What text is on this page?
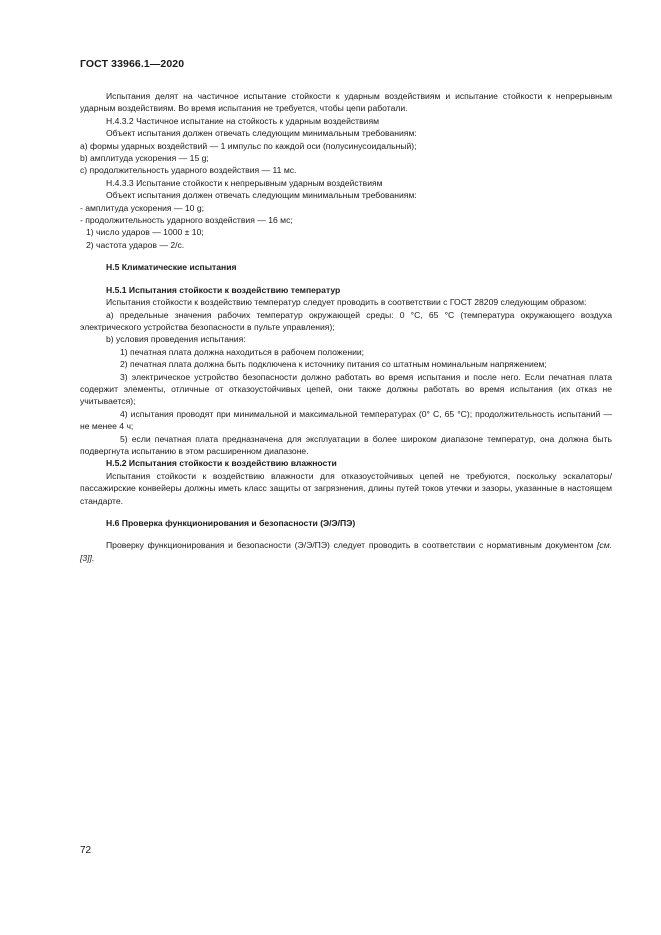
ГОСТ 33966.1—2020

Испытания делят на частичное испытание стойкости к ударным воздействиям и испытание стойкости к непрерывным ударным воздействиям. Во время испытания не требуется, чтобы цепи работали.

Н.4.3.2 Частичное испытание на стойкость к ударным воздействиям

Объект испытания должен отвечать следующим минимальным требованиям:

а) формы ударных воздействий — 1 импульс по каждой оси (полусинусоидальный);

b) амплитуда ускорения — 15 g;

с) продолжительность ударного воздействия — 11 мс.

Н.4.3.3 Испытание стойкости к непрерывным ударным воздействиям

Объект испытания должен отвечать следующим минимальным требованиям:

- амплитуда ускорения — 10 g;

- продолжительность ударного воздействия — 16 мс;

1) число ударов — 1000 ± 10;

2) частота ударов — 2/с.

Н.5 Климатические испытания

Н.5.1 Испытания стойкости к воздействию температур

Испытания стойкости к воздействию температур следует проводить в соответствии с ГОСТ 28209 следующим образом:

а) предельные значения рабочих температур окружающей среды: 0 °С, 65 °С (температура окружающего воздуха электрического устройства безопасности в пульте управления);

b) условия проведения испытания:

1) печатная плата должна находиться в рабочем положении;

2) печатная плата должна быть подключена к источнику питания со штатным номинальным напряжением;

3) электрическое устройство безопасности должно работать во время испытания и после него. Если печатная плата содержит элементы, отличные от отказоустойчивых цепей, они также должны работать во время испытания (их отказ не учитывается);

4) испытания проводят при минимальной и максимальной температурах (0° С, 65 °С); продолжительность испытаний — не менее 4 ч;

5) если печатная плата предназначена для эксплуатации в более широком диапазоне температур, она должна быть подвергнута испытанию в этом расширенном диапазоне.

Н.5.2 Испытания стойкости к воздействию влажности

Испытания стойкости к воздействию влажности для отказоустойчивых цепей не требуются, поскольку эскалаторы/пассажирские конвейеры должны иметь класс защиты от загрязнения, длины путей токов утечки и зазоры, указанные в настоящем стандарте.

Н.6 Проверка функционирования и безопасности (Э/Э/ПЭ)

Проверку функционирования и безопасности (Э/Э/ПЭ) следует проводить в соответствии с нормативным документом [см. [3]].

72
